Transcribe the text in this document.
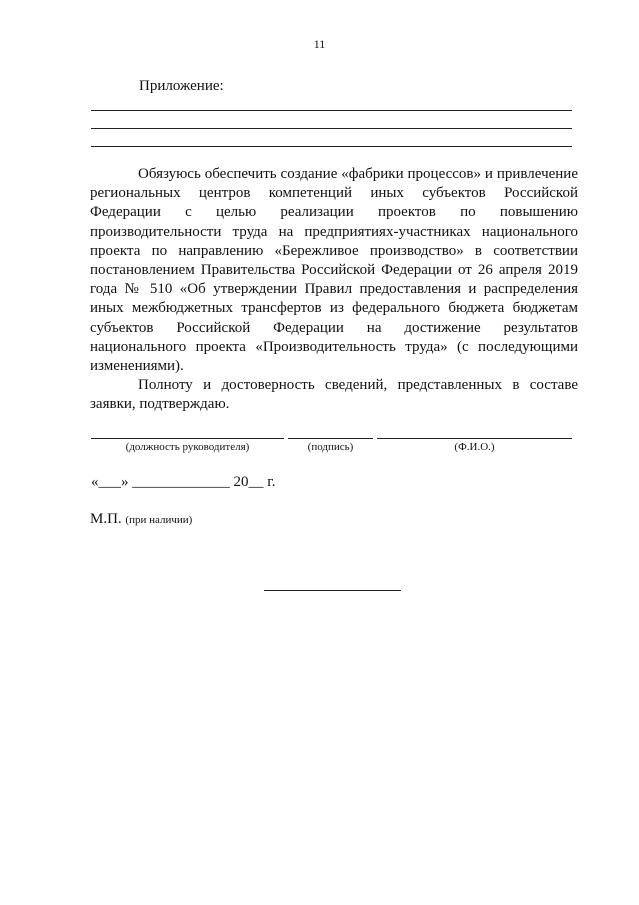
11
Приложение:

Обязуюсь обеспечить создание «фабрики процессов» и привлечение региональных центров компетенций иных субъектов Российской Федерации с целью реализации проектов по повышению производительности труда на предприятиях-участниках национального проекта по направлению «Бережливое производство» в соответствии постановлением Правительства Российской Федерации от 26 апреля 2019 года № 510 «Об утверждении Правил предоставления и распределения иных межбюджетных трансфертов из федерального бюджета бюджетам субъектов Российской Федерации на достижение результатов национального проекта «Производительность труда» (с последующими изменениями).

Полноту и достоверность сведений, представленных в составе заявки, подтверждаю.

(должность руководителя)	(подпись)	(Ф.И.О.)
«___» _____________ 20__ г.
М.П. (при наличии)
